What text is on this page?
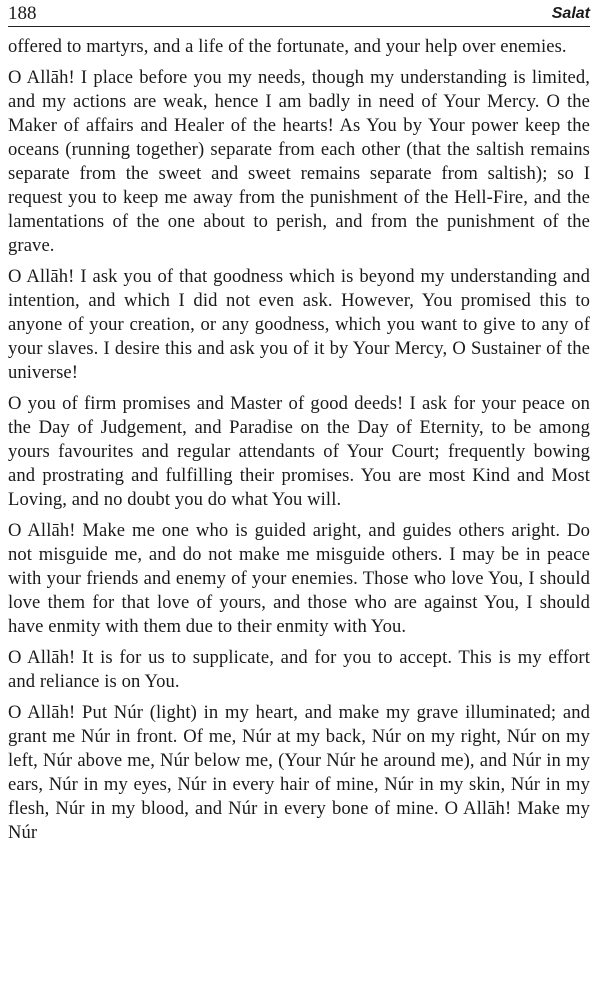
188	Salat

offered to martyrs, and a life of the fortunate, and your help over enemies.

O Allāh! I place before you my needs, though my understanding is limited, and my actions are weak, hence I am badly in need of Your Mercy. O the Maker of affairs and Healer of the hearts! As You by Your power keep the oceans (running together) separate from each other (that the saltish remains separate from the sweet and sweet remains separate from saltish); so I request you to keep me away from the punishment of the Hell-Fire, and the lamentations of the one about to perish, and from the punishment of the grave.

O Allāh! I ask you of that goodness which is beyond my understanding and intention, and which I did not even ask. However, You promised this to anyone of your creation, or any goodness, which you want to give to any of your slaves. I desire this and ask you of it by Your Mercy, O Sustainer of the universe!

O you of firm promises and Master of good deeds! I ask for your peace on the Day of Judgement, and Paradise on the Day of Eternity, to be among yours favourites and regular attendants of Your Court; frequently bowing and prostrating and fulfilling their promises. You are most Kind and Most Loving, and no doubt you do what You will.

O Allāh! Make me one who is guided aright, and guides others aright. Do not misguide me, and do not make me misguide others. I may be in peace with your friends and enemy of your enemies. Those who love You, I should love them for that love of yours, and those who are against You, I should have enmity with them due to their enmity with You.

O Allāh! It is for us to supplicate, and for you to accept. This is my effort and reliance is on You.

O Allāh! Put Núr (light) in my heart, and make my grave illuminated; and grant me Núr in front. Of me, Núr at my back, Núr on my right, Núr on my left, Núr above me, Núr below me, (Your Núr he around me), and Núr in my ears, Núr in my eyes, Núr in every hair of mine, Núr in my skin, Núr in my flesh, Núr in my blood, and Núr in every bone of mine. O Allāh! Make my Núr
